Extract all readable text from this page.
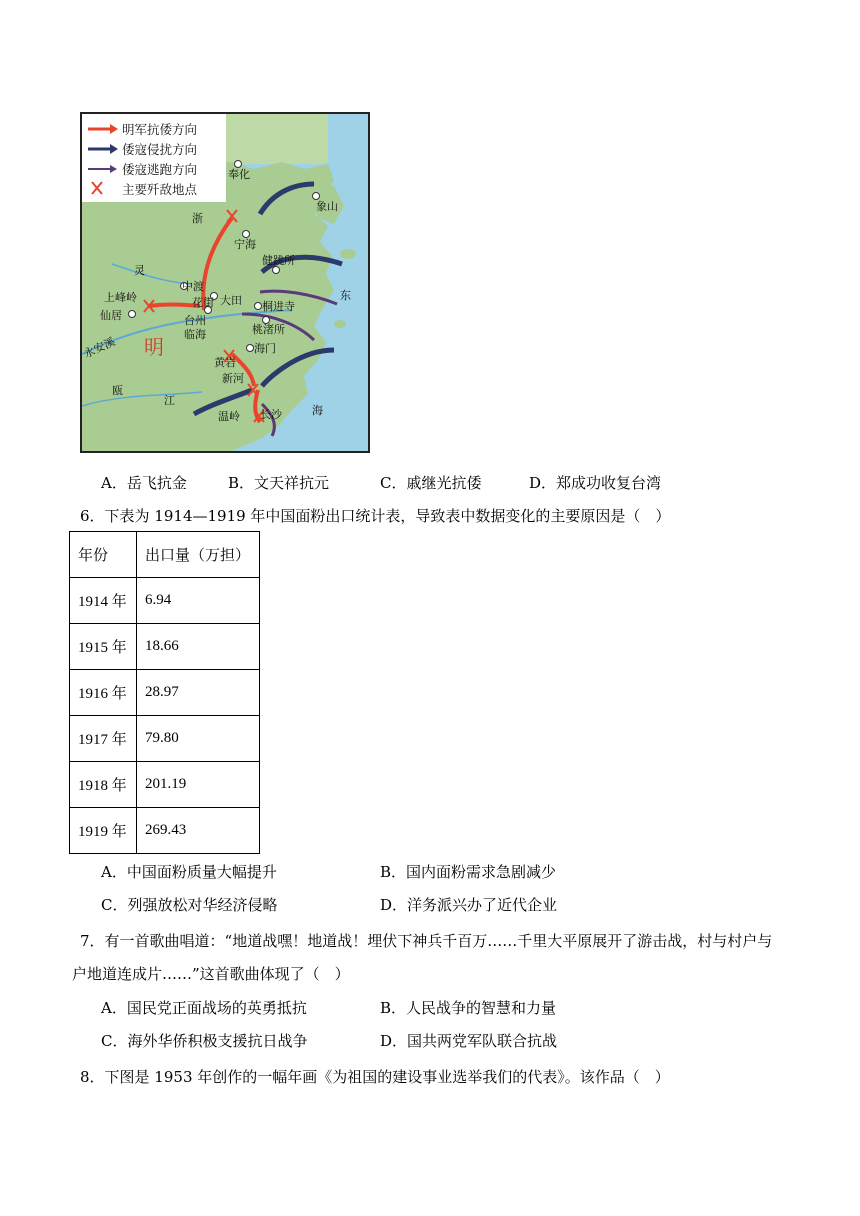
明军抗倭方向
倭寇侵扰方向
倭寇逃跑方向
主要歼敌地点
奉化
象山
宁海
健跳所
中渡
上峰岭	花街 大田 桐进寺
仙居	台州
临海	桃渚所
海门
黄岩
新河
温岭 长沙
明
浙
东
海
江
灵
永安溪
瓯
A．岳飞抗金	B．文天祥抗元	C．戚继光抗倭	D．郑成功收复台湾
6．下表为 1914—1919 年中国面粉出口统计表，导致表中数据变化的主要原因是（　）
年份	出口量（万担）
1914 年	6.94
1915 年	18.66
1916 年	28.97
1917 年	79.80
1918 年	201.19
1919 年	269.43
A．中国面粉质量大幅提升	B．国内面粉需求急剧减少
C．列强放松对华经济侵略	D．洋务派兴办了近代企业
7．有一首歌曲唱道：“地道战嘿！地道战！埋伏下神兵千百万……千里大平原展开了游击战，村与村户与
户地道连成片……”这首歌曲体现了（　）
A．国民党正面战场的英勇抵抗	B．人民战争的智慧和力量
C．海外华侨积极支援抗日战争	D．国共两党军队联合抗战
8．下图是 1953 年创作的一幅年画《为祖国的建设事业选举我们的代表》。该作品（　）
